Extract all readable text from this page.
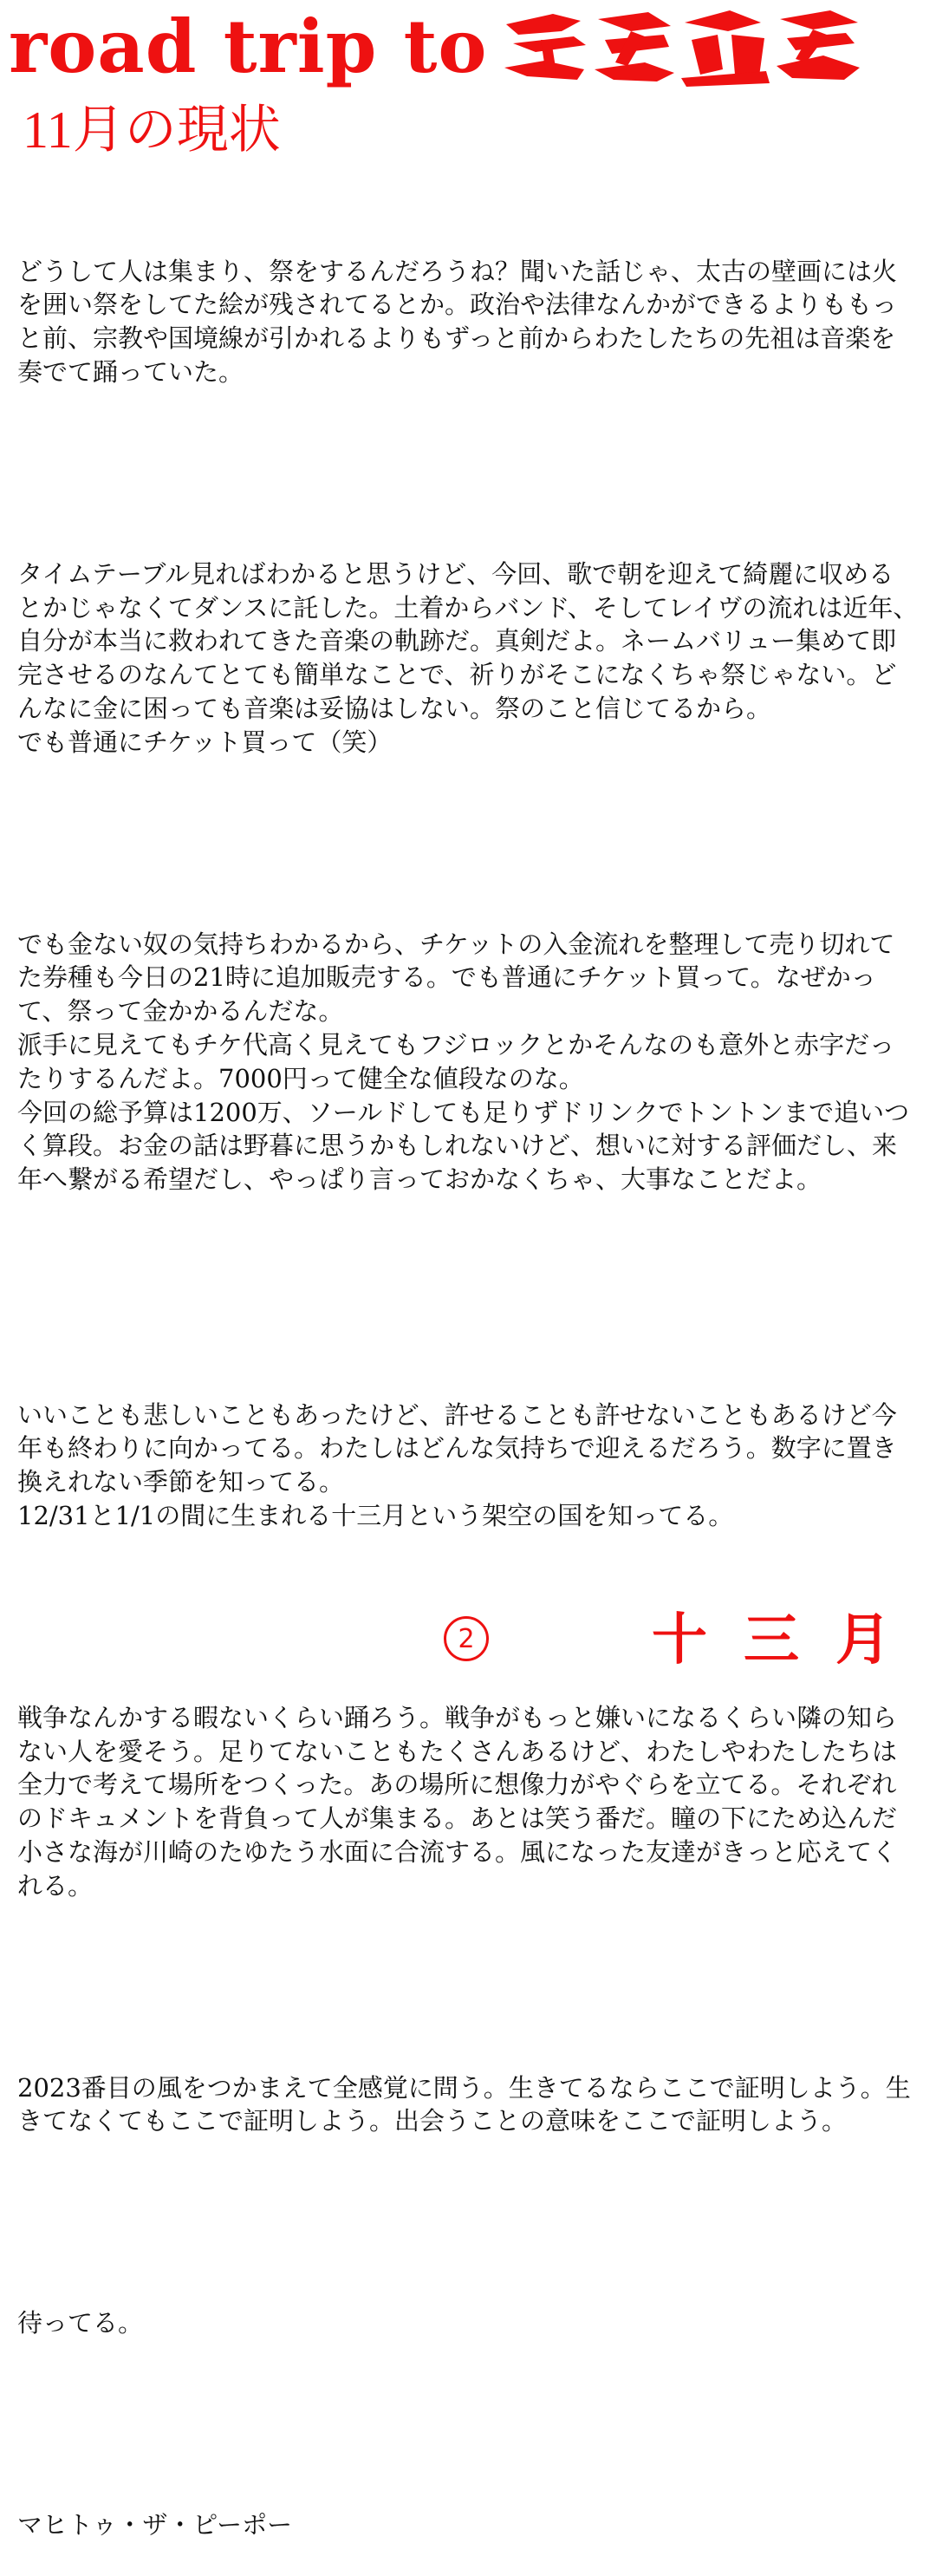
road trip to
11月の現状

どうして人は集まり、祭をするんだろうね？聞いた話じゃ、太古の壁画には火を囲い祭をしてた絵が残されてるとか。政治や法律なんかができるよりももっと前、宗教や国境線が引かれるよりもずっと前からわたしたちの先祖は音楽を奏でて踊っていた。

タイムテーブル見ればわかると思うけど、今回、歌で朝を迎えて綺麗に収めるとかじゃなくてダンスに託した。土着からバンド、そしてレイヴの流れは近年、自分が本当に救われてきた音楽の軌跡だ。真剣だよ。ネームバリュー集めて即完させるのなんてとても簡単なことで、祈りがそこになくちゃ祭じゃない。どんなに金に困っても音楽は妥協はしない。祭のこと信じてるから。
でも普通にチケット買って（笑）

でも金ない奴の気持ちわかるから、チケットの入金流れを整理して売り切れてた券種も今日の21時に追加販売する。でも普通にチケット買って。なぜかって、祭って金かかるんだな。
派手に見えてもチケ代高く見えてもフジロックとかそんなのも意外と赤字だったりするんだよ。7000円って健全な値段なのな。
今回の総予算は1200万、ソールドしても足りずドリンクでトントンまで追いつく算段。お金の話は野暮に思うかもしれないけど、想いに対する評価だし、来年へ繋がる希望だし、やっぱり言っておかなくちゃ、大事なことだよ。

いいことも悲しいこともあったけど、許せることも許せないこともあるけど今年も終わりに向かってる。わたしはどんな気持ちで迎えるだろう。数字に置き換えれない季節を知ってる。
12/31と1/1の間に生まれる十三月という架空の国を知ってる。

戦争なんかする暇ないくらい踊ろう。戦争がもっと嫌いになるくらい隣の知らない人を愛そう。足りてないこともたくさんあるけど、わたしやわたしたちは全力で考えて場所をつくった。あの場所に想像力がやぐらを立てる。それぞれのドキュメントを背負って人が集まる。あとは笑う番だ。瞳の下にため込んだ小さな海が川崎のたゆたう水面に合流する。風になった友達がきっと応えてくれる。

2023番目の風をつかまえて全感覚に問う。生きてるならここで証明しよう。生きてなくてもここで証明しよう。出会うことの意味をここで証明しよう。

待ってる。

マヒトゥ・ザ・ピーポー

2	十三月
